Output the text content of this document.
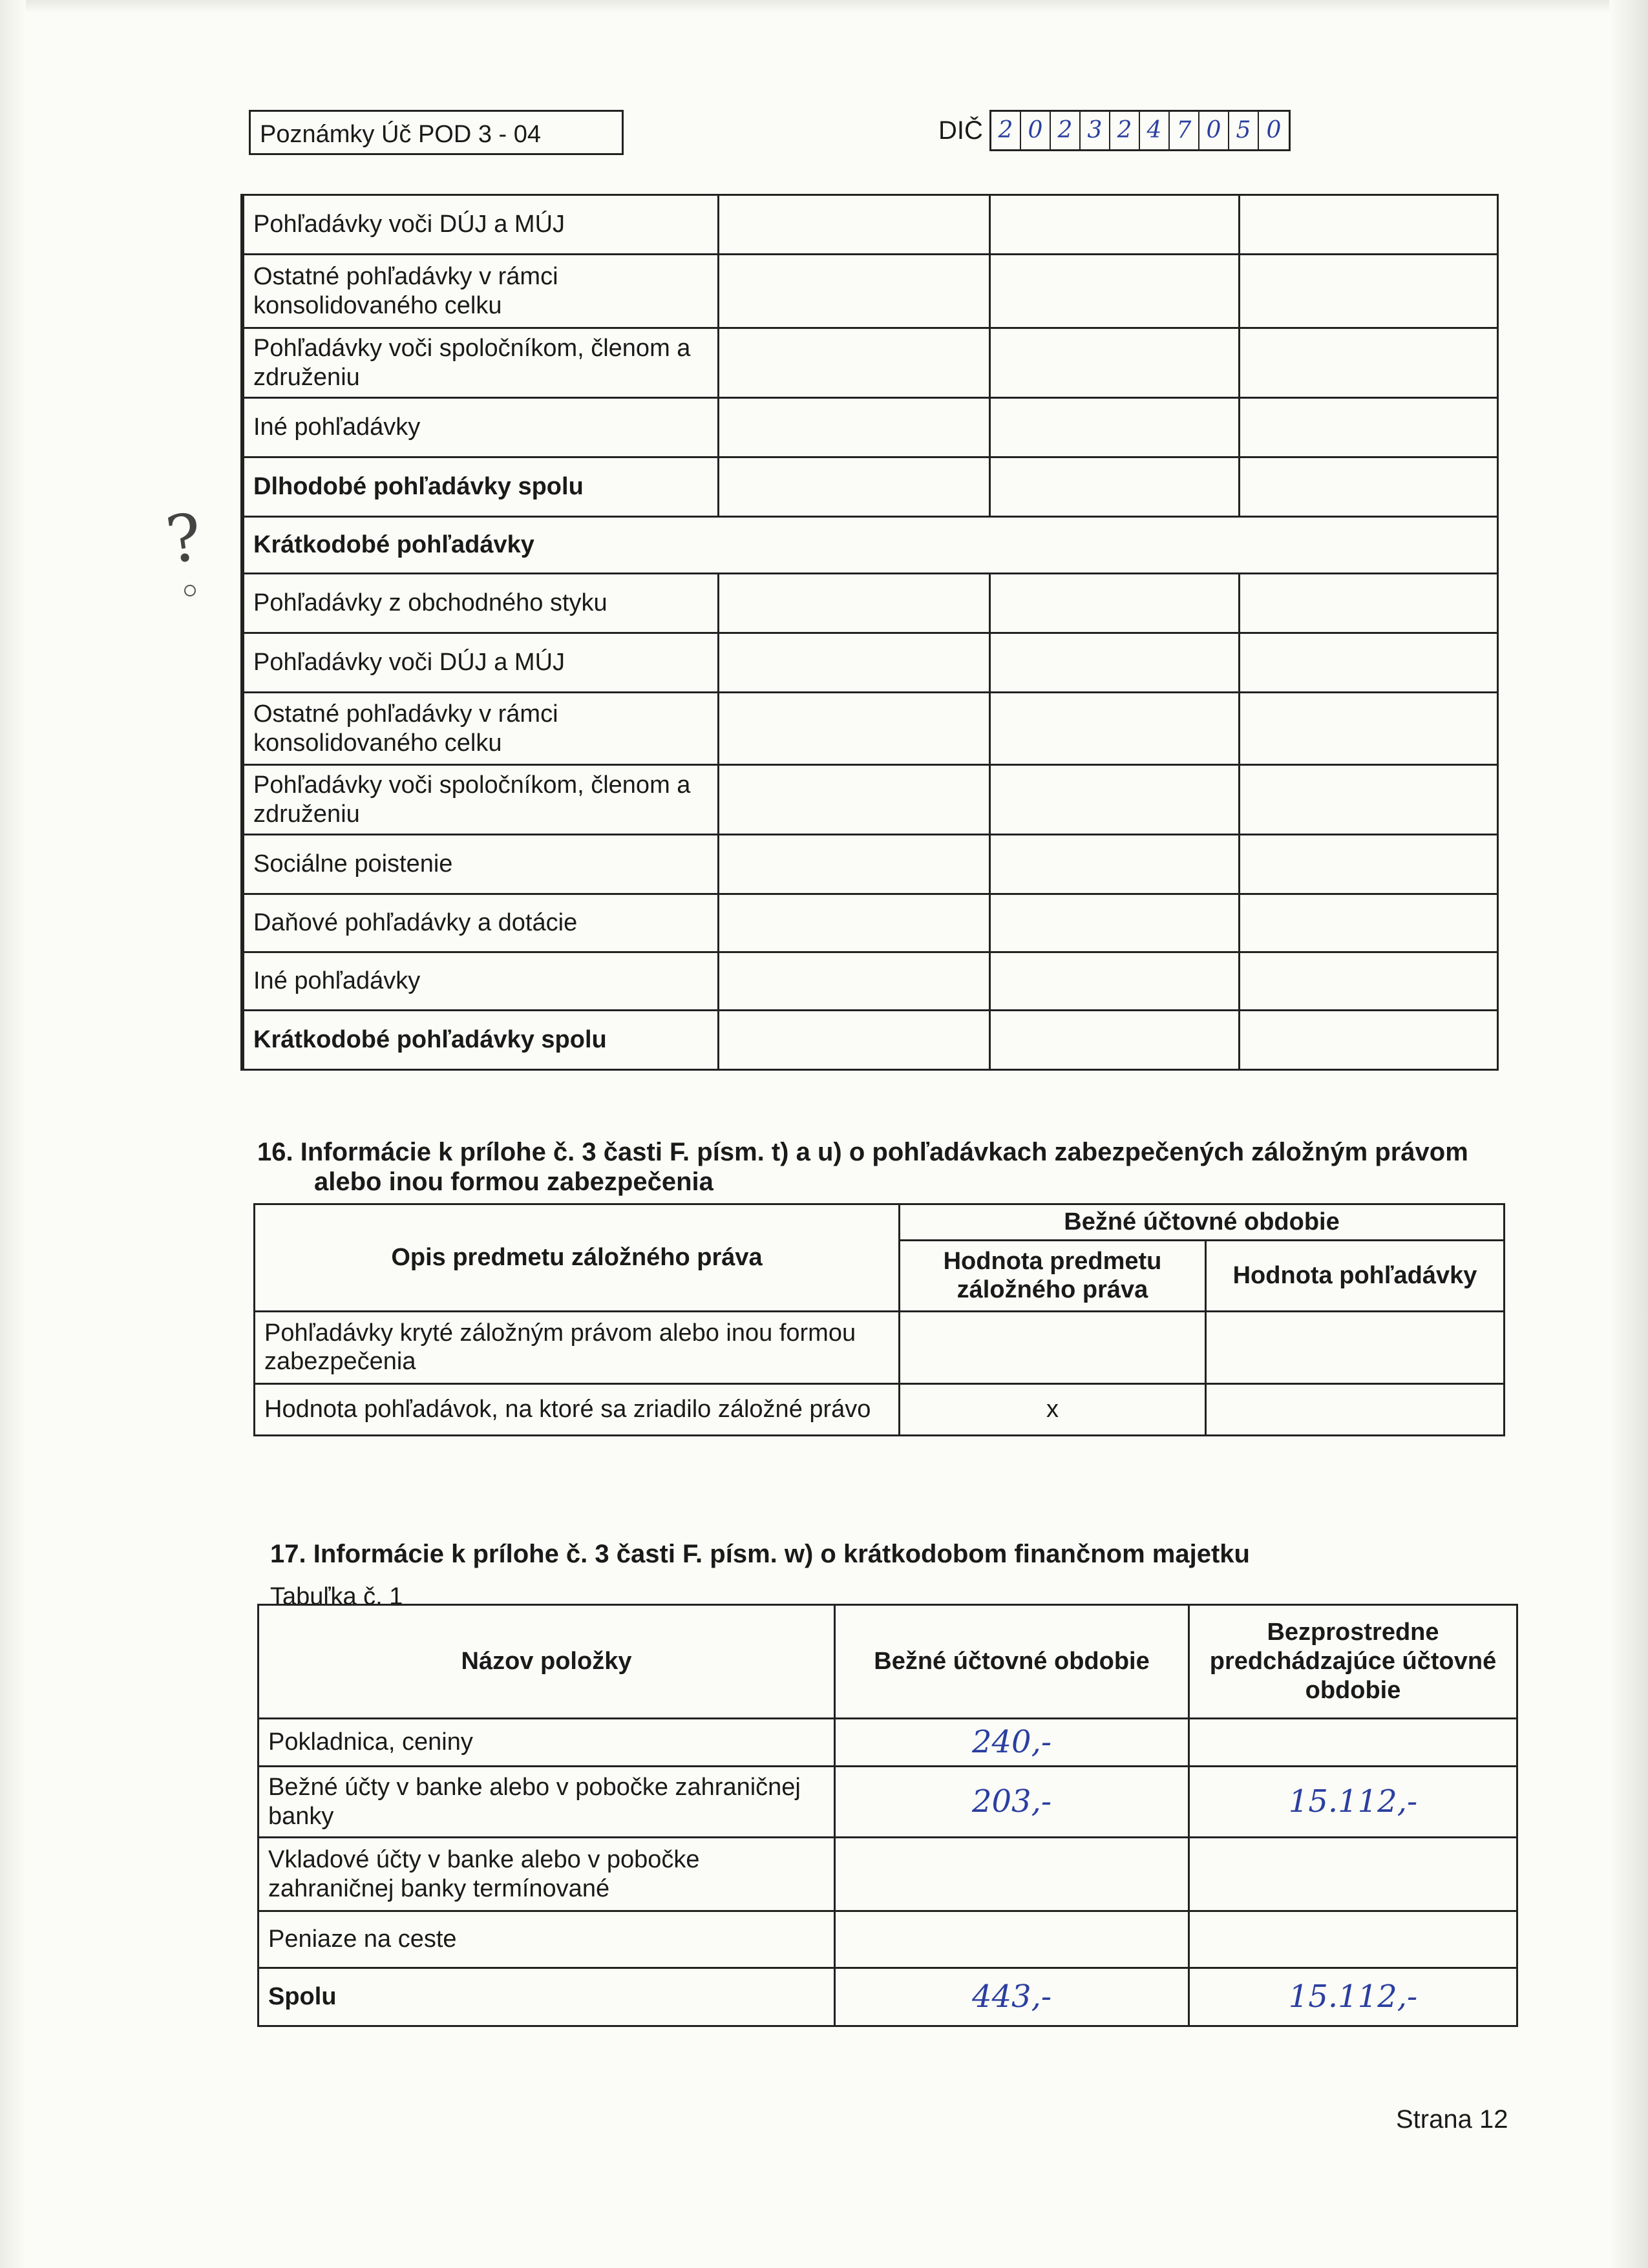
Poznámky Úč POD 3 - 04	DIČ 2 0 2 3 2 4 7 0 5 0
?
Pohľadávky voči DÚJ a MÚJ			
Ostatné pohľadávky v rámci konsolidovaného celku			
Pohľadávky voči spoločníkom, členom a združeniu			
Iné pohľadávky			
Dlhodobé pohľadávky spolu			
Krátkodobé pohľadávky			
Pohľadávky z obchodného styku			
Pohľadávky voči DÚJ a MÚJ			
Ostatné pohľadávky v rámci konsolidovaného celku			
Pohľadávky voči spoločníkom, členom a združeniu			
Sociálne poistenie			
Daňové pohľadávky a dotácie			
Iné pohľadávky			
Krátkodobé pohľadávky spolu			
16. Informácie k prílohe č. 3 časti F. písm. t) a u) o pohľadávkach zabezpečených záložným právom alebo inou formou zabezpečenia
Opis predmetu záložného práva	Bežné účtovné obdobie	
	Hodnota predmetu záložného práva	Hodnota pohľadávky
Pohľadávky kryté záložným právom alebo inou formou zabezpečenia		
Hodnota pohľadávok, na ktoré sa zriadilo záložné právo	x	
17. Informácie k prílohe č. 3 časti F. písm. w) o krátkodobom finančnom majetku
Tabuľka č. 1
Názov položky	Bežné účtovné obdobie	Bezprostredne predchádzajúce účtovné obdobie
Pokladnica, ceniny	240,-	
Bežné účty v banke alebo v pobočke zahraničnej banky	203,-	15.112,-
Vkladové účty v banke alebo v pobočke zahraničnej banky termínované		
Peniaze na ceste		
Spolu	443,-	15.112,-
Strana 12
